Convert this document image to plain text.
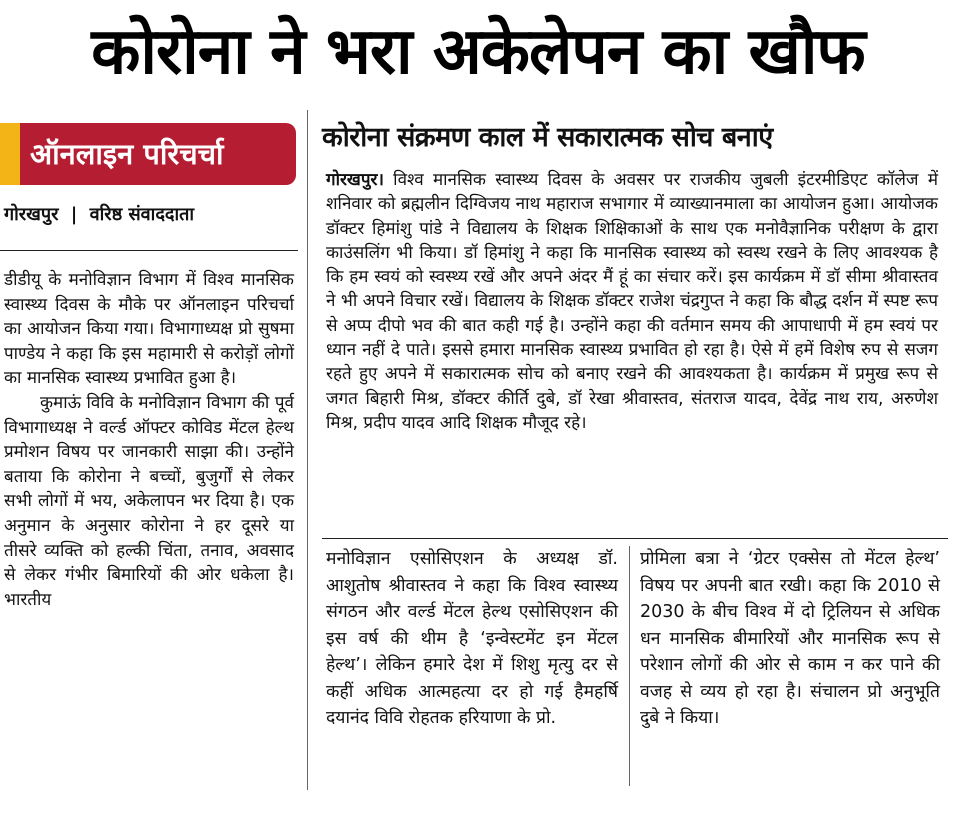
कोरोना ने भरा अकेलेपन का खौफ
ऑनलाइन परिचर्चा
गोरखपुर | वरिष्ठ संवाददाता

डीडीयू के मनोविज्ञान विभाग में विश्व मानसिक स्वास्थ्य दिवस के मौके पर ऑनलाइन परिचर्चा का आयोजन किया गया। विभागाध्यक्ष प्रो सुषमा पाण्डेय ने कहा कि इस महामारी से करोड़ों लोगों का मानसिक स्वास्थ्य प्रभावित हुआ है।

कुमाऊं विवि के मनोविज्ञान विभाग की पूर्व विभागाध्यक्ष ने वर्ल्ड ऑफ्टर कोविड मेंटल हेल्थ प्रमोशन विषय पर जानकारी साझा की। उन्होंने बताया कि कोरोना ने बच्चों, बुजुर्गों से लेकर सभी लोगों में भय, अकेलापन भर दिया है। एक अनुमान के अनुसार कोरोना ने हर दूसरे या तीसरे व्यक्ति को हल्की चिंता, तनाव, अवसाद से लेकर गंभीर बिमारियों की ओर धकेला है। भारतीय

कोरोना संक्रमण काल में सकारात्मक सोच बनाएं
गोरखपुर। विश्व मानसिक स्वास्थ्य दिवस के अवसर पर राजकीय जुबली इंटरमीडिएट कॉलेज में शनिवार को ब्रह्मलीन दिग्विजय नाथ महाराज सभागार में व्याख्यानमाला का आयोजन हुआ। आयोजक डॉक्टर हिमांशु पांडे ने विद्यालय के शिक्षक शिक्षिकाओं के साथ एक मनोवैज्ञानिक परीक्षण के द्वारा काउंसलिंग भी किया। डॉ हिमांशु ने कहा कि मानसिक स्वास्थ्य को स्वस्थ रखने के लिए आवश्यक है कि हम स्वयं को स्वस्थ्य रखें और अपने अंदर मैं हूं का संचार करें। इस कार्यक्रम में डॉ सीमा श्रीवास्तव ने भी अपने विचार रखें। विद्यालय के शिक्षक डॉक्टर राजेश चंद्रगुप्त ने कहा कि बौद्ध दर्शन में स्पष्ट रूप से अप्प दीपो भव की बात कही गई है। उन्होंने कहा की वर्तमान समय की आपाधापी में हम स्वयं पर ध्यान नहीं दे पाते। इससे हमारा मानसिक स्वास्थ्य प्रभावित हो रहा है। ऐसे में हमें विशेष रुप से सजग रहते हुए अपने में सकारात्मक सोच को बनाए रखने की आवश्यकता है। कार्यक्रम में प्रमुख रूप से जगत बिहारी मिश्र, डॉक्टर कीर्ति दुबे, डॉ रेखा श्रीवास्तव, संतराज यादव, देवेंद्र नाथ राय, अरुणेश मिश्र, प्रदीप यादव आदि शिक्षक मौजूद रहे।
मनोविज्ञान एसोसिएशन के अध्यक्ष डॉ. आशुतोष श्रीवास्तव ने कहा कि विश्व स्वास्थ्य संगठन और वर्ल्ड मेंटल हेल्थ एसोसिएशन की इस वर्ष की थीम है ‘इन्वेस्टमेंट इन मेंटल हेल्थ’। लेकिन हमारे देश में शिशु मृत्यु दर से कहीं अधिक आत्महत्या दर हो गई हैमहर्षि दयानंद विवि रोहतक हरियाणा के प्रो.
प्रोमिला बत्रा ने ‘ग्रेटर एक्सेस तो मेंटल हेल्थ’ विषय पर अपनी बात रखी। कहा कि 2010 से 2030 के बीच विश्व में दो ट्रिलियन से अधिक धन मानसिक बीमारियों और मानसिक रूप से परेशान लोगों की ओर से काम न कर पाने की वजह से व्यय हो रहा है। संचालन प्रो अनुभूति दुबे ने किया।
